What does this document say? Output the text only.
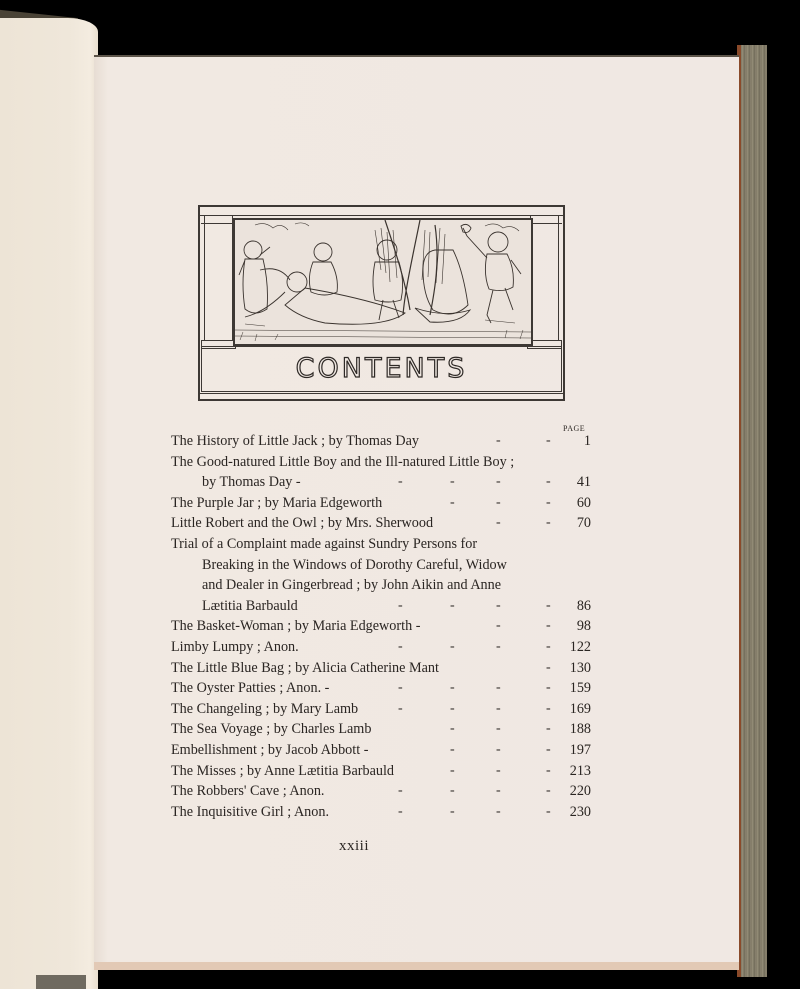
CONTENTS
PAGE
The History of Little Jack ; by Thomas Day	-	-	1
The Good-natured Little Boy and the Ill-natured Little Boy ;
by Thomas Day -	-	-	-	-	41
The Purple Jar ; by Maria Edgeworth	-	-	-	60
Little Robert and the Owl ; by Mrs. Sherwood	-	-	70
Trial of a Complaint made against Sundry Persons for
Breaking in the Windows of Dorothy Careful, Widow
and Dealer in Gingerbread ; by John Aikin and Anne
Lætitia Barbauld	-	-	-	-	86
The Basket-Woman ; by Maria Edgeworth -	-	-	98
Limby Lumpy ; Anon.	-	-	-	-	122
The Little Blue Bag ; by Alicia Catherine Mant	-	130
The Oyster Patties ; Anon. -	-	-	-	-	159
The Changeling ; by Mary Lamb	-	-	-	-	169
The Sea Voyage ; by Charles Lamb	-	-	-	188
Embellishment ; by Jacob Abbott -	-	-	-	197
The Misses ; by Anne Lætitia Barbauld	-	-	-	213
The Robbers' Cave ; Anon.	-	-	-	-	220
The Inquisitive Girl ; Anon.	-	-	-	-	230
xxiii
